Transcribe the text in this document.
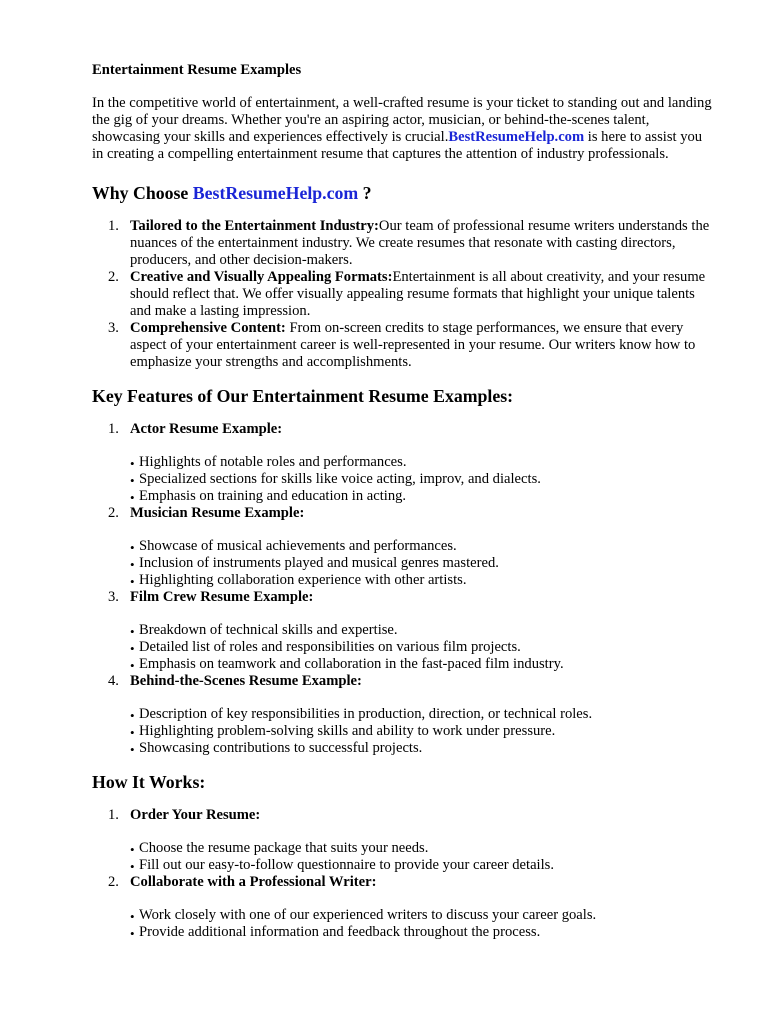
Entertainment Resume Examples

In the competitive world of entertainment, a well-crafted resume is your ticket to standing out and landing the gig of your dreams. Whether you're an aspiring actor, musician, or behind-the-scenes talent, showcasing your skills and experiences effectively is crucial.BestResumeHelp.com is here to assist you in creating a compelling entertainment resume that captures the attention of industry professionals.

Why Choose BestResumeHelp.com ?
1. Tailored to the Entertainment Industry:Our team of professional resume writers understands the nuances of the entertainment industry. We create resumes that resonate with casting directors, producers, and other decision-makers.
2. Creative and Visually Appealing Formats:Entertainment is all about creativity, and your resume should reflect that. We offer visually appealing resume formats that highlight your unique talents and make a lasting impression.
3. Comprehensive Content: From on-screen credits to stage performances, we ensure that every aspect of your entertainment career is well-represented in your resume. Our writers know how to emphasize your strengths and accomplishments.
Key Features of Our Entertainment Resume Examples:
1. Actor Resume Example:
• Highlights of notable roles and performances.
• Specialized sections for skills like voice acting, improv, and dialects.
• Emphasis on training and education in acting.
2. Musician Resume Example:
• Showcase of musical achievements and performances.
• Inclusion of instruments played and musical genres mastered.
• Highlighting collaboration experience with other artists.
3. Film Crew Resume Example:
• Breakdown of technical skills and expertise.
• Detailed list of roles and responsibilities on various film projects.
• Emphasis on teamwork and collaboration in the fast-paced film industry.
4. Behind-the-Scenes Resume Example:
• Description of key responsibilities in production, direction, or technical roles.
• Highlighting problem-solving skills and ability to work under pressure.
• Showcasing contributions to successful projects.
How It Works:
1. Order Your Resume:
• Choose the resume package that suits your needs.
• Fill out our easy-to-follow questionnaire to provide your career details.
2. Collaborate with a Professional Writer:
• Work closely with one of our experienced writers to discuss your career goals.
• Provide additional information and feedback throughout the process.
